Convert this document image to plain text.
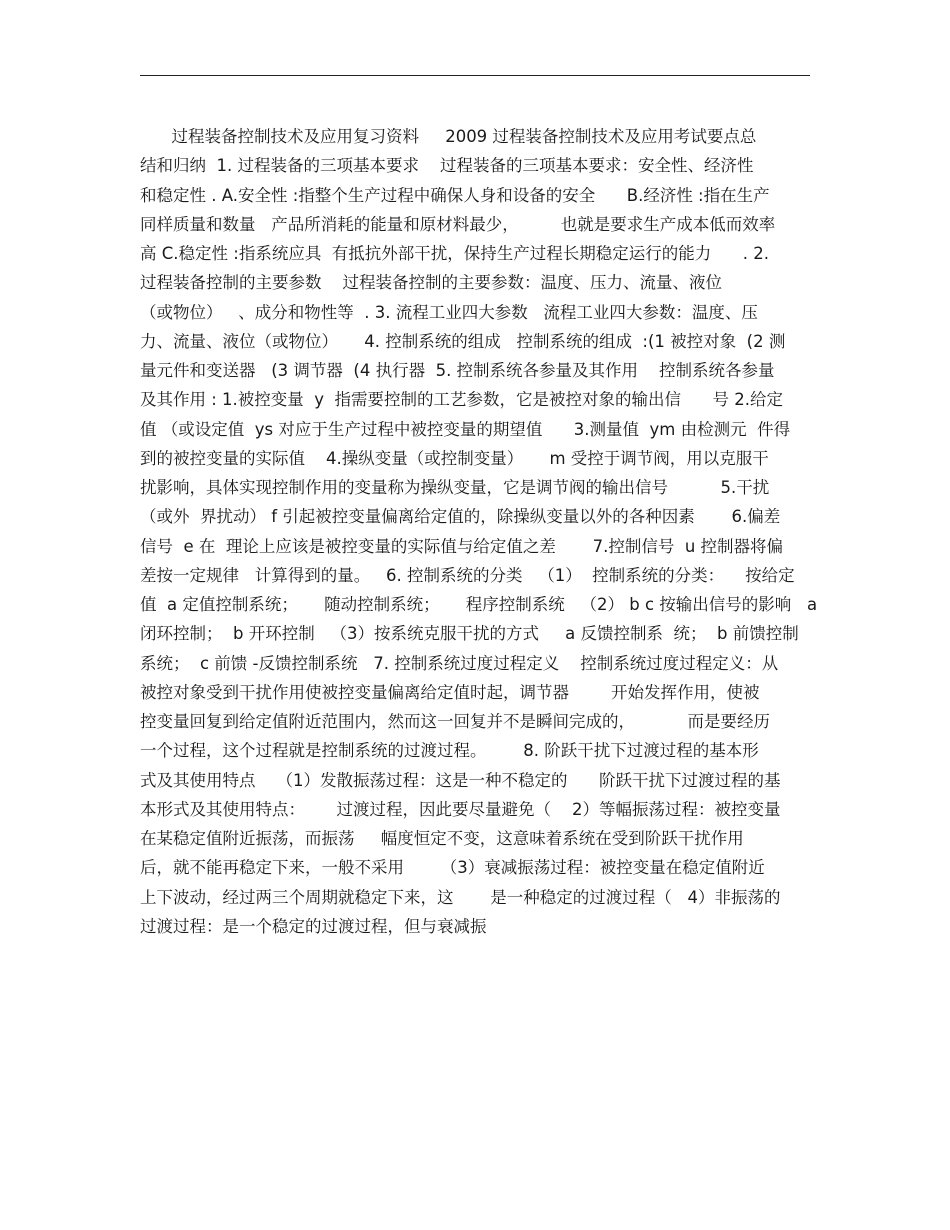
过程装备控制技术及应用复习资料     2009 过程装备控制技术及应用考试要点总
结和归纳  1. 过程装备的三项基本要求    过程装备的三项基本要求：安全性、经济性
和稳定性 . A.安全性 :指整个生产过程中确保人身和设备的安全      B.经济性 :指在生产
同样质量和数量   产品所消耗的能量和原材料最少，        也就是要求生产成本低而效率
高 C.稳定性 :指系统应具  有抵抗外部干扰，保持生产过程长期稳定运行的能力      . 2.
过程装备控制的主要参数    过程装备控制的主要参数：温度、压力、流量、液位
（或物位）   、成分和物性等  . 3. 流程工业四大参数   流程工业四大参数：温度、压
力、流量、液位（或物位）     4. 控制系统的组成   控制系统的组成  :(1 被控对象  (2 测
量元件和变送器   (3 调节器  (4 执行器  5. 控制系统各参量及其作用    控制系统各参量
及其作用 : 1.被控变量  y  指需要控制的工艺参数，它是被控对象的输出信      号 2.给定
值 （或设定值  ys 对应于生产过程中被控变量的期望值      3.测量值  ym 由检测元  件得
到的被控变量的实际值    4.操纵变量（或控制变量）     m 受控于调节阀，用以克服干
扰影响，具体实现控制作用的变量称为操纵变量，它是调节阀的输出信号          5.干扰
（或外  界扰动） f 引起被控变量偏离给定值的，除操纵变量以外的各种因素       6.偏差
信号  e 在  理论上应该是被控变量的实际值与给定值之差       7.控制信号  u 控制器将偏
差按一定规律   计算得到的量。   6. 控制系统的分类   （1）  控制系统的分类：    按给定
值  a 定值控制系统；     随动控制系统；     程序控制系统   （2） b c 按输出信号的影响   a
闭环控制；  b 开环控制   （3）按系统克服干扰的方式     a 反馈控制系  统；  b 前馈控制
系统；  c 前馈 -反馈控制系统   7. 控制系统过度过程定义    控制系统过度过程定义：从
被控对象受到干扰作用使被控变量偏离给定值时起，调节器        开始发挥作用，使被
控变量回复到给定值附近范围内，然而这一回复并不是瞬间完成的，          而是要经历
一个过程，这个过程就是控制系统的过渡过程。       8. 阶跃干扰下过渡过程的基本形
式及其使用特点    （1）发散振荡过程：这是一种不稳定的      阶跃干扰下过渡过程的基
本形式及其使用特点：      过渡过程，因此要尽量避免（    2）等幅振荡过程：被控变量
在某稳定值附近振荡，而振荡     幅度恒定不变，这意味着系统在受到阶跃干扰作用
后，就不能再稳定下来，一般不采用       （3）衰减振荡过程：被控变量在稳定值附近
上下波动，经过两三个周期就稳定下来，这       是一种稳定的过渡过程（   4）非振荡的
过渡过程：是一个稳定的过渡过程，但与衰减振
